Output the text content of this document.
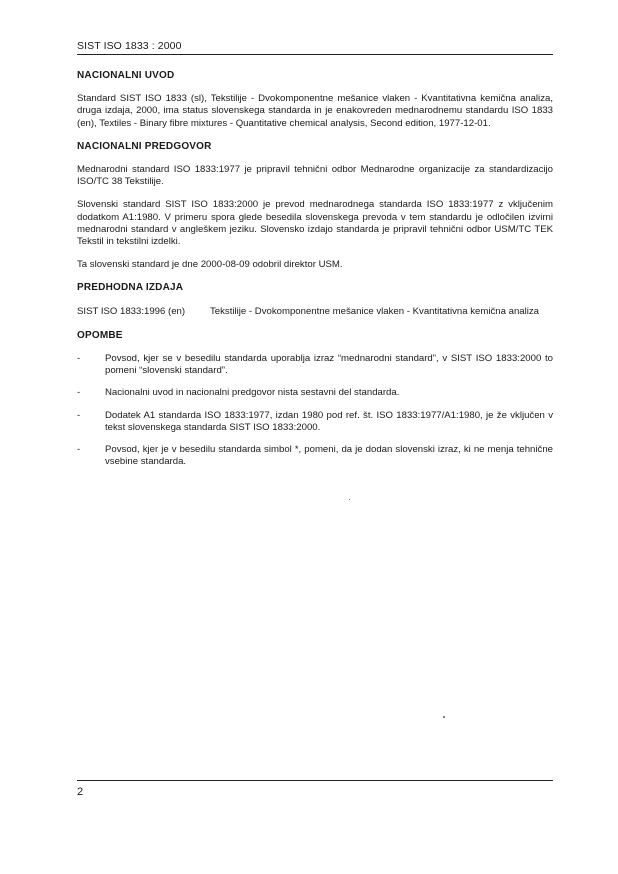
SIST ISO 1833 : 2000
NACIONALNI UVOD

Standard SIST ISO 1833 (sl), Tekstilije - Dvokomponentne mešanice vlaken - Kvantitativna kemična analiza, druga izdaja, 2000, ima status slovenskega standarda in je enakovreden mednarodnemu standardu ISO 1833 (en), Textiles - Binary fibre mixtures - Quantitative chemical analysis, Second edition, 1977-12-01.

NACIONALNI PREDGOVOR

Mednarodni standard ISO 1833:1977 je pripravil tehnični odbor Mednarodne organizacije za standardizacijo ISO/TC 38 Tekstilije.

Slovenski standard SIST ISO 1833:2000 je prevod mednarodnega standarda ISO 1833:1977 z vključenim dodatkom A1:1980. V primeru spora glede besedila slovenskega prevoda v tem standardu je odločilen izvirni mednarodni standard v angleškem jeziku. Slovensko izdajo standarda je pripravil tehnični odbor USM/TC TEK Tekstil in tekstilni izdelki.

Ta slovenski standard je dne 2000-08-09 odobril direktor USM.

PREDHODNA IZDAJA
SIST ISO 1833:1996 (en)	Tekstilije - Dvokomponentne mešanice vlaken - Kvantitativna kemična analiza
OPOMBE
-	Povsod, kjer se v besedilu standarda uporablja izraz “mednarodni standard”, v SIST ISO 1833:2000 to pomeni “slovenski standard”.
-	Nacionalni uvod in nacionalni predgovor nista sestavni del standarda.
-	Dodatek A1 standarda ISO 1833:1977, izdan 1980 pod ref. št. ISO 1833:1977/A1:1980, je že vključen v tekst slovenskega standarda SIST ISO 1833:2000.
-	Povsod, kjer je v besedilu standarda simbol *, pomeni, da je dodan slovenski izraz, ki ne menja tehnične vsebine standarda.
2
